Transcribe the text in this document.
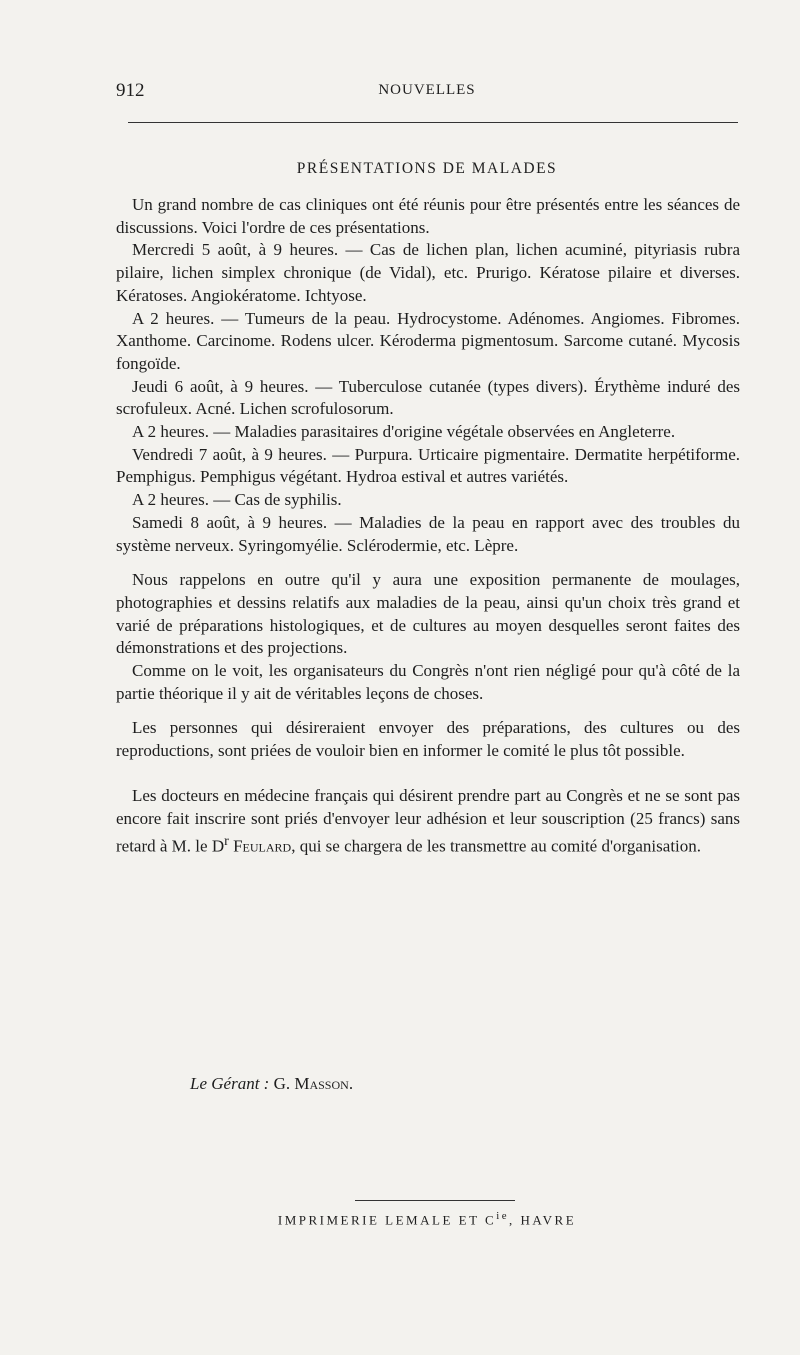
912	NOUVELLES
PRÉSENTATIONS DE MALADES

Un grand nombre de cas cliniques ont été réunis pour être présentés entre les séances de discussions. Voici l'ordre de ces présentations.

Mercredi 5 août, à 9 heures. — Cas de lichen plan, lichen acuminé, pityriasis rubra pilaire, lichen simplex chronique (de Vidal), etc. Prurigo. Kératose pilaire et diverses. Kératoses. Angiokératome. Ichtyose.

A 2 heures. — Tumeurs de la peau. Hydrocystome. Adénomes. Angiomes. Fibromes. Xanthome. Carcinome. Rodens ulcer. Kéroderma pigmentosum. Sarcome cutané. Mycosis fongoïde.

Jeudi 6 août, à 9 heures. — Tuberculose cutanée (types divers). Érythème induré des scrofuleux. Acné. Lichen scrofulosorum.

A 2 heures. — Maladies parasitaires d'origine végétale observées en Angleterre.

Vendredi 7 août, à 9 heures. — Purpura. Urticaire pigmentaire. Dermatite herpétiforme. Pemphigus. Pemphigus végétant. Hydroa estival et autres variétés.

A 2 heures. — Cas de syphilis.

Samedi 8 août, à 9 heures. — Maladies de la peau en rapport avec des troubles du système nerveux. Syringomyélie. Sclérodermie, etc. Lèpre.

Nous rappelons en outre qu'il y aura une exposition permanente de moulages, photographies et dessins relatifs aux maladies de la peau, ainsi qu'un choix très grand et varié de préparations histologiques, et de cultures au moyen desquelles seront faites des démonstrations et des projections.

Comme on le voit, les organisateurs du Congrès n'ont rien négligé pour qu'à côté de la partie théorique il y ait de véritables leçons de choses.

Les personnes qui désireraient envoyer des préparations, des cultures ou des reproductions, sont priées de vouloir bien en informer le comité le plus tôt possible.

Les docteurs en médecine français qui désirent prendre part au Congrès et ne se sont pas encore fait inscrire sont priés d'envoyer leur adhésion et leur souscription (25 francs) sans retard à M. le $D^r$ Feulard, qui se chargera de les transmettre au comité d'organisation.

Le Gérant : G. Masson.
IMPRIMERIE LEMALE ET $C^{ie}$, HAVRE
